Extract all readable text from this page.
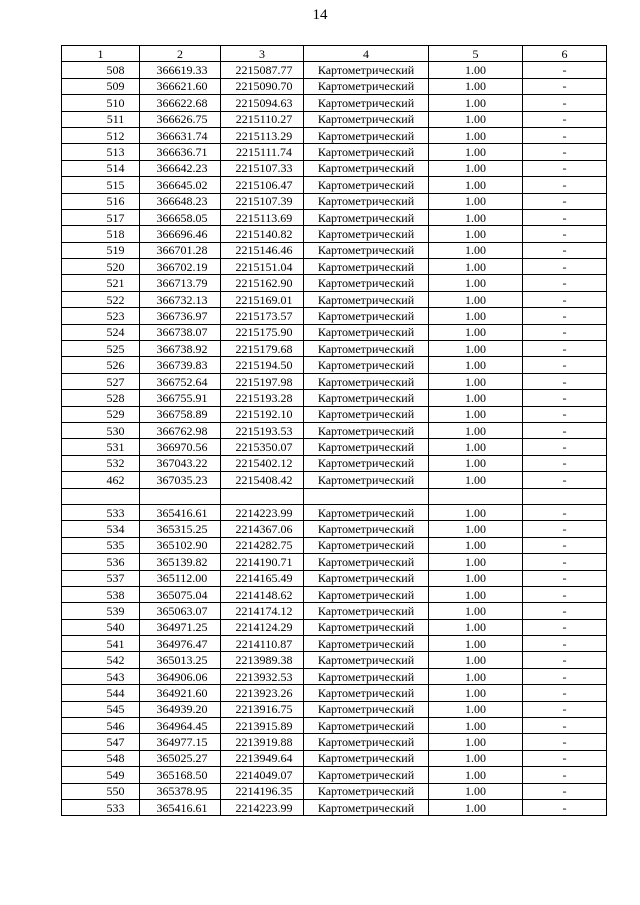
14
1	2	3	4	5	6
508	366619.33	2215087.77	Картометрический	1.00	-
509	366621.60	2215090.70	Картометрический	1.00	-
510	366622.68	2215094.63	Картометрический	1.00	-
511	366626.75	2215110.27	Картометрический	1.00	-
512	366631.74	2215113.29	Картометрический	1.00	-
513	366636.71	2215111.74	Картометрический	1.00	-
514	366642.23	2215107.33	Картометрический	1.00	-
515	366645.02	2215106.47	Картометрический	1.00	-
516	366648.23	2215107.39	Картометрический	1.00	-
517	366658.05	2215113.69	Картометрический	1.00	-
518	366696.46	2215140.82	Картометрический	1.00	-
519	366701.28	2215146.46	Картометрический	1.00	-
520	366702.19	2215151.04	Картометрический	1.00	-
521	366713.79	2215162.90	Картометрический	1.00	-
522	366732.13	2215169.01	Картометрический	1.00	-
523	366736.97	2215173.57	Картометрический	1.00	-
524	366738.07	2215175.90	Картометрический	1.00	-
525	366738.92	2215179.68	Картометрический	1.00	-
526	366739.83	2215194.50	Картометрический	1.00	-
527	366752.64	2215197.98	Картометрический	1.00	-
528	366755.91	2215193.28	Картометрический	1.00	-
529	366758.89	2215192.10	Картометрический	1.00	-
530	366762.98	2215193.53	Картометрический	1.00	-
531	366970.56	2215350.07	Картометрический	1.00	-
532	367043.22	2215402.12	Картометрический	1.00	-
462	367035.23	2215408.42	Картометрический	1.00	-

533	365416.61	2214223.99	Картометрический	1.00	-
534	365315.25	2214367.06	Картометрический	1.00	-
535	365102.90	2214282.75	Картометрический	1.00	-
536	365139.82	2214190.71	Картометрический	1.00	-
537	365112.00	2214165.49	Картометрический	1.00	-
538	365075.04	2214148.62	Картометрический	1.00	-
539	365063.07	2214174.12	Картометрический	1.00	-
540	364971.25	2214124.29	Картометрический	1.00	-
541	364976.47	2214110.87	Картометрический	1.00	-
542	365013.25	2213989.38	Картометрический	1.00	-
543	364906.06	2213932.53	Картометрический	1.00	-
544	364921.60	2213923.26	Картометрический	1.00	-
545	364939.20	2213916.75	Картометрический	1.00	-
546	364964.45	2213915.89	Картометрический	1.00	-
547	364977.15	2213919.88	Картометрический	1.00	-
548	365025.27	2213949.64	Картометрический	1.00	-
549	365168.50	2214049.07	Картометрический	1.00	-
550	365378.95	2214196.35	Картометрический	1.00	-
533	365416.61	2214223.99	Картометрический	1.00	-
